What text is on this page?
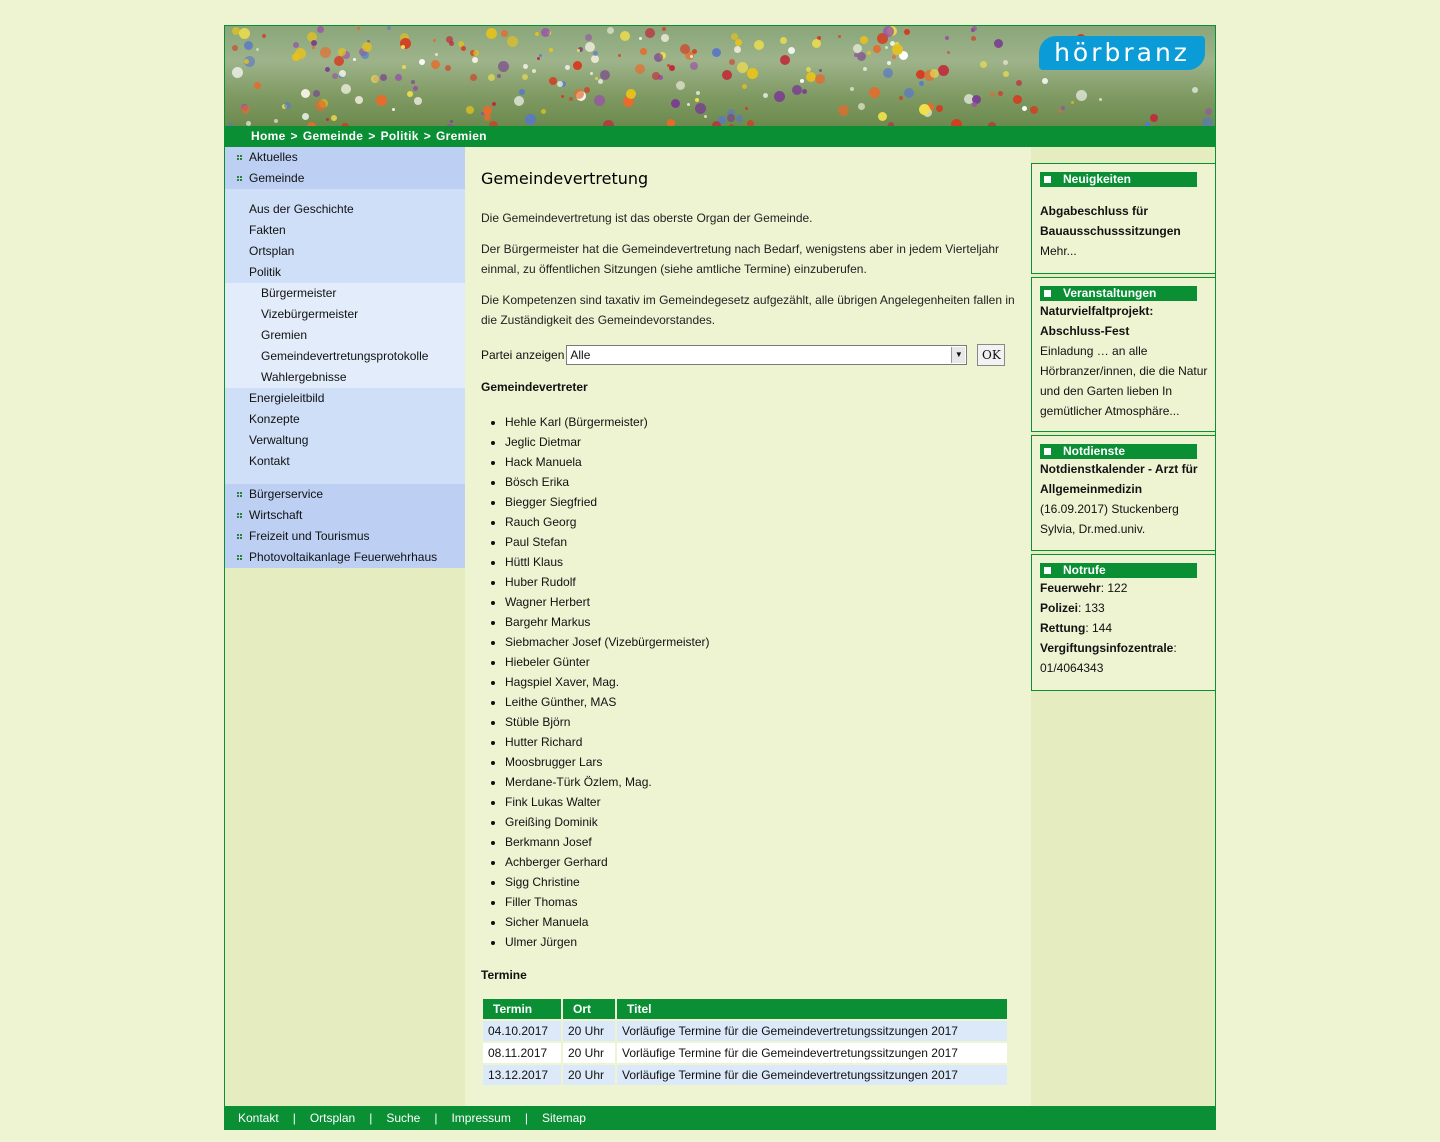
hörbranz
Home > Gemeinde > Politik > Gremien
Aktuelles
Gemeinde
Aus der Geschichte
Fakten
Ortsplan
Politik
Bürgermeister
Vizebürgermeister
Gremien
Gemeindevertretungsprotokolle
Wahlergebnisse
Energieleitbild
Konzepte
Verwaltung
Kontakt
Bürgerservice
Wirtschaft
Freizeit und Tourismus
Photovoltaikanlage Feuerwehrhaus
Gemeindevertretung
Die Gemeindevertretung ist das oberste Organ der Gemeinde.
Der Bürgermeister hat die Gemeindevertretung nach Bedarf, wenigstens aber in jedem Vierteljahr einmal, zu öffentlichen Sitzungen (siehe amtliche Termine) einzuberufen.
Die Kompetenzen sind taxativ im Gemeindegesetz aufgezählt, alle übrigen Angelegenheiten fallen in die Zuständigkeit des Gemeindevorstandes.
Partei anzeigen Alle	▼	OK
Gemeindevertreter
• Hehle Karl (Bürgermeister)
• Jeglic Dietmar
• Hack Manuela
• Bösch Erika
• Biegger Siegfried
• Rauch Georg
• Paul Stefan
• Hüttl Klaus
• Huber Rudolf
• Wagner Herbert
• Bargehr Markus
• Siebmacher Josef (Vizebürgermeister)
• Hiebeler Günter
• Hagspiel Xaver, Mag.
• Leithe Günther, MAS
• Stüble Björn
• Hutter Richard
• Moosbrugger Lars
• Merdane-Türk Özlem, Mag.
• Fink Lukas Walter
• Greißing Dominik
• Berkmann Josef
• Achberger Gerhard
• Sigg Christine
• Filler Thomas
• Sicher Manuela
• Ulmer Jürgen
Termine
Termin	Ort	Titel
04.10.2017	20 Uhr	Vorläufige Termine für die Gemeindevertretungssitzungen 2017
08.11.2017	20 Uhr	Vorläufige Termine für die Gemeindevertretungssitzungen 2017
13.12.2017	20 Uhr	Vorläufige Termine für die Gemeindevertretungssitzungen 2017
Neuigkeiten
Abgabeschluss für Bauausschusssitzungen
Mehr...
Veranstaltungen
Naturvielfaltprojekt: Abschluss-Fest
Einladung … an alle Hörbranzer/innen, die die Natur und den Garten lieben In gemütlicher Atmosphäre...
Notdienste
Notdienstkalender - Arzt für Allgemeinmedizin
(16.09.2017) Stuckenberg Sylvia, Dr.med.univ.
Notrufe
Feuerwehr: 122
Polizei: 133
Rettung: 144
Vergiftungsinfozentrale: 01/4064343
Kontakt | Ortsplan | Suche | Impressum | Sitemap
